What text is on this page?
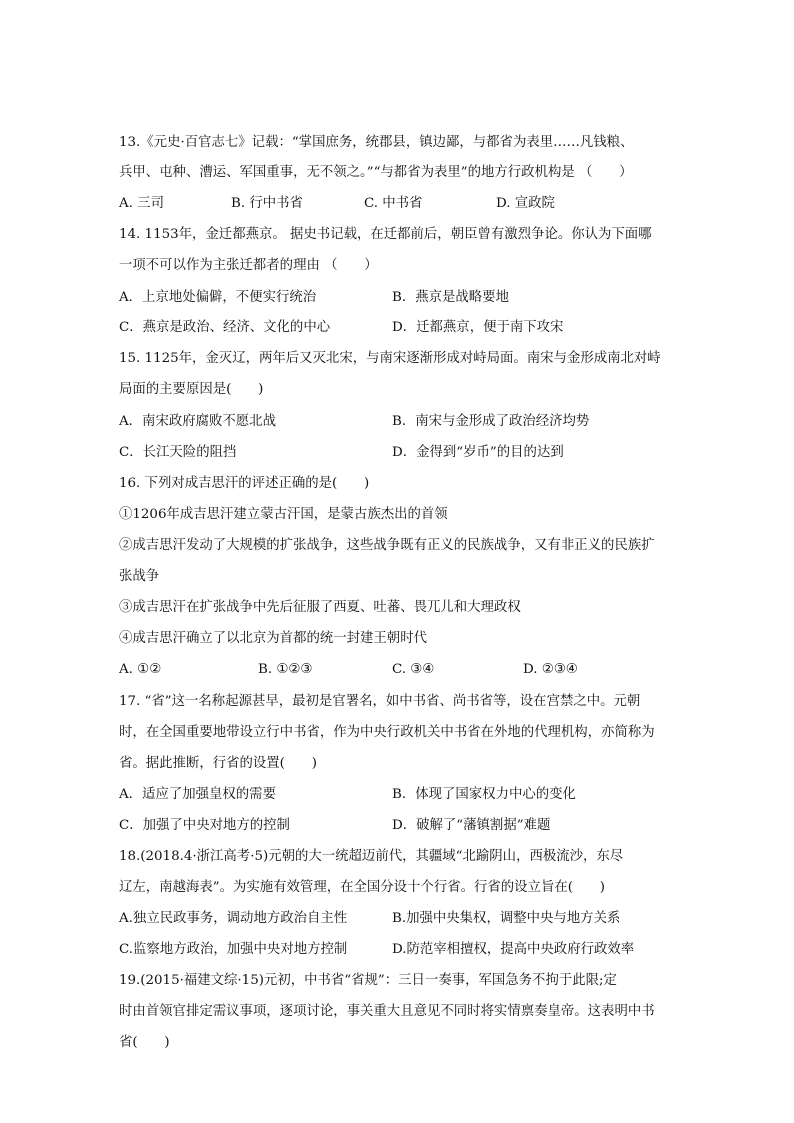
13.《元史·百官志七》记载：“掌国庶务，统郡县，镇边鄙，与都省为表里……凡钱粮、
兵甲、屯种、漕运、军国重事，无不领之。”“与都省为表里”的地方行政机构是 （　　）
A. 三司	B. 行中书省	C. 中书省	D. 宣政院
14. 1153年，金迁都燕京。 据史书记载，在迁都前后，朝臣曾有激烈争论。你认为下面哪
一项不可以作为主张迁都者的理由 （　　）
A．上京地处偏僻，不便实行统治	B．燕京是战略要地
C．燕京是政治、经济、文化的中心	D．迁都燕京，便于南下攻宋
15. 1125年，金灭辽，两年后又灭北宋，与南宋逐渐形成对峙局面。南宋与金形成南北对峙
局面的主要原因是(　　)
A．南宋政府腐败不愿北战	B．南宋与金形成了政治经济均势
C．长江天险的阻挡	D．金得到“岁币”的目的达到
16. 下列对成吉思汗的评述正确的是(　　)
①1206年成吉思汗建立蒙古汗国，是蒙古族杰出的首领
②成吉思汗发动了大规模的扩张战争，这些战争既有正义的民族战争，又有非正义的民族扩
张战争
③成吉思汗在扩张战争中先后征服了西夏、吐蕃、畏兀儿和大理政权
④成吉思汗确立了以北京为首都的统一封建王朝时代
A. ①②	B. ①②③	C. ③④	D. ②③④
17. “省”这一名称起源甚早，最初是官署名，如中书省、尚书省等，设在宫禁之中。元朝
时，在全国重要地带设立行中书省，作为中央行政机关中书省在外地的代理机构，亦简称为
省。据此推断，行省的设置(　　)
A．适应了加强皇权的需要	B．体现了国家权力中心的变化
C．加强了中央对地方的控制	D．破解了“藩镇割据”难题
18.(2018.4·浙江高考·5)元朝的大一统超迈前代，其疆域“北踰阴山，西极流沙，东尽
辽左，南越海表”。为实施有效管理，在全国分设十个行省。行省的设立旨在(　　)
A.独立民政事务，调动地方政治自主性	B.加强中央集权，调整中央与地方关系
C.监察地方政治，加强中央对地方控制	D.防范宰相擅权，提高中央政府行政效率
19.(2015·福建文综·15)元初，中书省“省规”：三日一奏事，军国急务不拘于此限;定
时由首领官排定需议事项，逐项讨论，事关重大且意见不同时将实情禀奏皇帝。这表明中书
省(　　)
